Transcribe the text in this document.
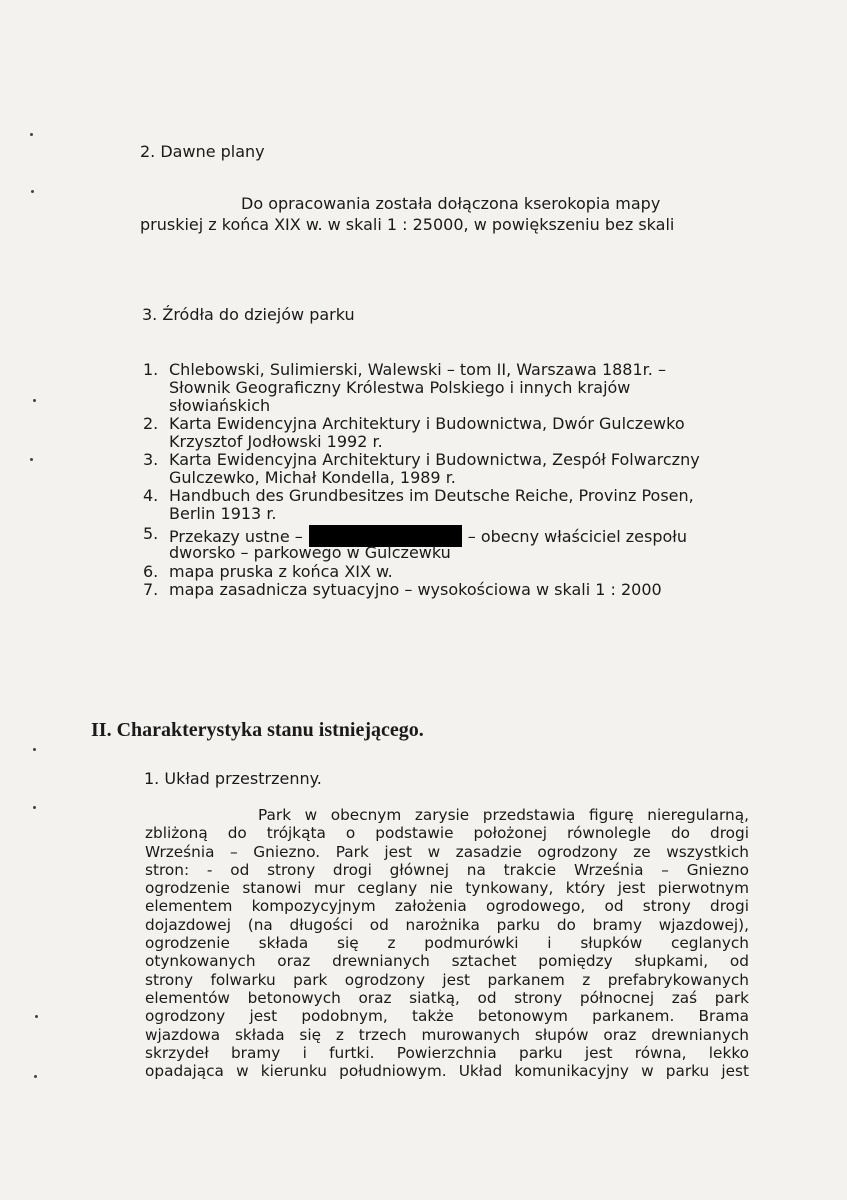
2. Dawne plany

Do opracowania została dołączona kserokopia mapy

pruskiej z końca XIX w. w skali 1 : 25000, w powiększeniu bez skali

3. Źródła do dziejów parku

1. Chlebowski, Sulimierski, Walewski – tom II, Warszawa 1881r. –
Słownik Geograficzny Królestwa Polskiego i innych krajów
słowiańskich
2. Karta Ewidencyjna Architektury i Budownictwa, Dwór Gulczewko
Krzysztof Jodłowski 1992 r.
3. Karta Ewidencyjna Architektury i Budownictwa, Zespół Folwarczny
Gulczewko, Michał Kondella, 1989 r.
4. Handbuch des Grundbesitzes im Deutsche Reiche, Provinz Posen,
Berlin 1913 r.
5. Przekazy ustne –	– obecny właściciel zespołu
dworsko – parkowego w Gulczewku
6. mapa pruska z końca XIX w.
7. mapa zasadnicza sytuacyjno – wysokościowa w skali 1 : 2000

II. Charakterystyka stanu istniejącego.

1. Układ przestrzenny.

Park w obecnym zarysie przedstawia figurę nieregularną,
zbliżoną do trójkąta o podstawie położonej równolegle do drogi
Września – Gniezno. Park jest w zasadzie ogrodzony ze wszystkich
stron: - od strony drogi głównej na trakcie Września – Gniezno
ogrodzenie stanowi mur ceglany nie tynkowany, który jest pierwotnym
elementem kompozycyjnym założenia ogrodowego, od strony drogi
dojazdowej (na długości od narożnika parku do bramy wjazdowej),
ogrodzenie składa się z podmurówki i słupków ceglanych
otynkowanych oraz drewnianych sztachet pomiędzy słupkami, od
strony folwarku park ogrodzony jest parkanem z prefabrykowanych
elementów betonowych oraz siatką, od strony północnej zaś park
ogrodzony jest podobnym, także betonowym parkanem. Brama
wjazdowa składa się z trzech murowanych słupów oraz drewnianych
skrzydeł bramy i furtki. Powierzchnia parku jest równa, lekko
opadająca w kierunku południowym. Układ komunikacyjny w parku jest
